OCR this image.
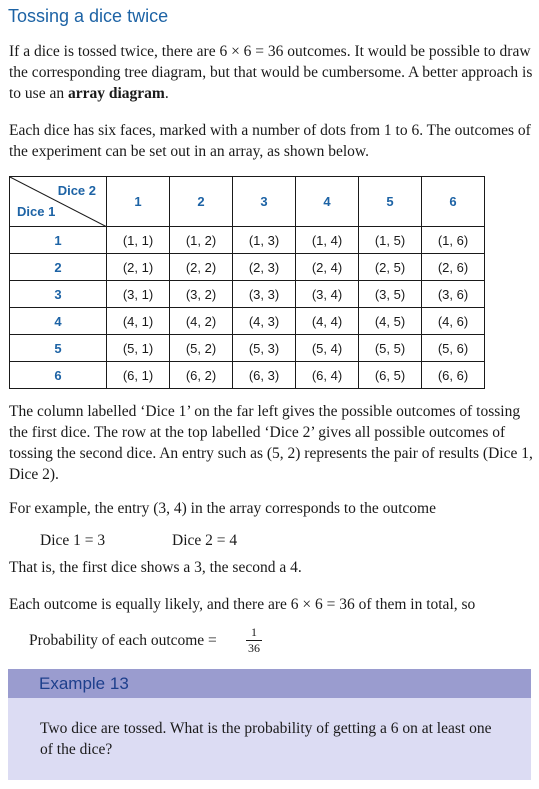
Tossing a dice twice

If a dice is tossed twice, there are 6 × 6 = 36 outcomes. It would be possible to draw the corresponding tree diagram, but that would be cumbersome. A better approach is to use an array diagram.

Each dice has six faces, marked with a number of dots from 1 to 6. The outcomes of the experiment can be set out in an array, as shown below.

Dice 2
Dice 1	1	2	3	4	5	6
1	(1, 1)	(1, 2)	(1, 3)	(1, 4)	(1, 5)	(1, 6)
2	(2, 1)	(2, 2)	(2, 3)	(2, 4)	(2, 5)	(2, 6)
3	(3, 1)	(3, 2)	(3, 3)	(3, 4)	(3, 5)	(3, 6)
4	(4, 1)	(4, 2)	(4, 3)	(4, 4)	(4, 5)	(4, 6)
5	(5, 1)	(5, 2)	(5, 3)	(5, 4)	(5, 5)	(5, 6)
6	(6, 1)	(6, 2)	(6, 3)	(6, 4)	(6, 5)	(6, 6)

The column labelled ‘Dice 1’ on the far left gives the possible outcomes of tossing the first dice. The row at the top labelled ‘Dice 2’ gives all possible outcomes of tossing the second dice. An entry such as (5, 2) represents the pair of results (Dice 1, Dice 2).

For example, the entry (3, 4) in the array corresponds to the outcome

Dice 1 = 3	Dice 2 = 4

That is, the first dice shows a 3, the second a 4.

Each outcome is equally likely, and there are 6 × 6 = 36 of them in total, so

Probability of each outcome =	1
36
Example 13

Two dice are tossed. What is the probability of getting a 6 on at least one of the dice?
